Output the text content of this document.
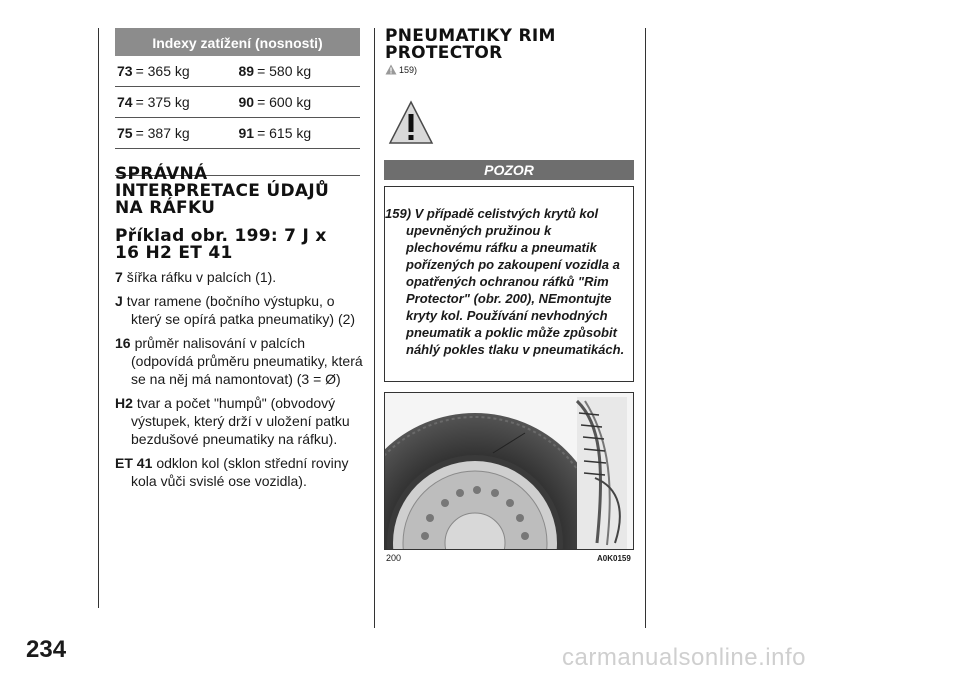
234	carmanualsonline.info
Indexy zatížení (nosnosti)
73 = 365 kg	89 = 580 kg
74 = 375 kg	90 = 600 kg
75 = 387 kg	91 = 615 kg
SPRÁVNÁ
INTERPRETACE ÚDAJŮ
NA RÁFKU
Příklad obr. 199: 7 J x
16 H2 ET 41
7 šířka ráfku v palcích (1).
J tvar ramene (bočního výstupku, o který se opírá patka pneumatiky) (2)
16 průměr nalisování v palcích (odpovídá průměru pneumatiky, která se na něj má namontovat) (3 = Ø)
H2 tvar a počet "humpů" (obvodový výstupek, který drží v uložení patku bezdušové pneumatiky na ráfku).
ET 41 odklon kol (sklon střední roviny kola vůči svislé ose vozidla).
PNEUMATIKY RIM
PROTECTOR
159)
POZOR

159) V případě celistvých krytů kol upevněných pružinou k plechovému ráfku a pneumatik pořízených po zakoupení vozidla a opatřených ochranou ráfků "Rim Protector" (obr. 200), NEmontujte kryty kol. Používání nevhodných pneumatik a poklic může způsobit náhlý pokles tlaku v pneumatikách.

200	A0K0159
